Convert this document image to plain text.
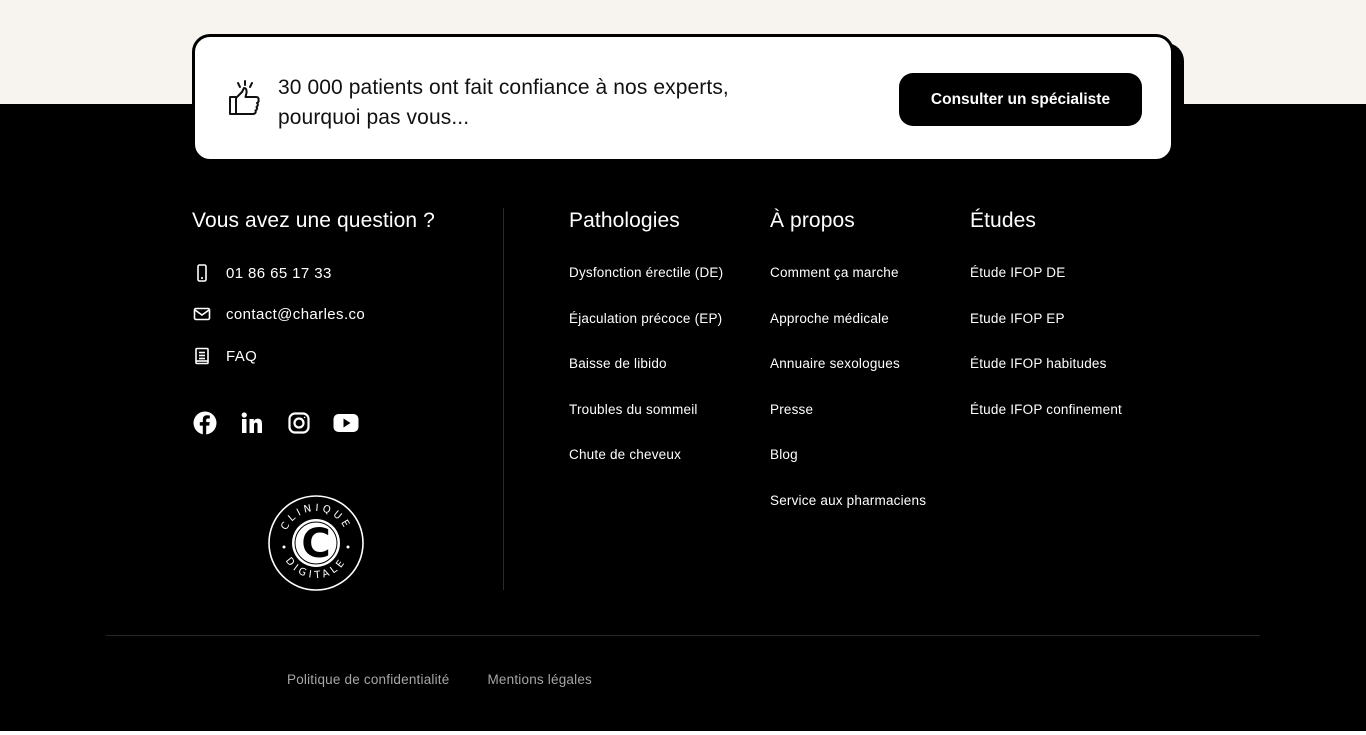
30 000 patients ont fait confiance à nos experts,
pourquoi pas vous...
Consulter un spécialiste
Vous avez une question ?
01 86 65 17 33
contact@charles.co
FAQ
CLINIQUE
DIGITALE
C
Pathologies
Dysfonction érectile (DE)
Éjaculation précoce (EP)
Baisse de libido
Troubles du sommeil
Chute de cheveux
À propos
Comment ça marche
Approche médicale
Annuaire sexologues
Presse
Blog
Service aux pharmaciens
Études
Étude IFOP DE
Etude IFOP EP
Étude IFOP habitudes
Étude IFOP confinement
Politique de confidentialité	Mentions légales
